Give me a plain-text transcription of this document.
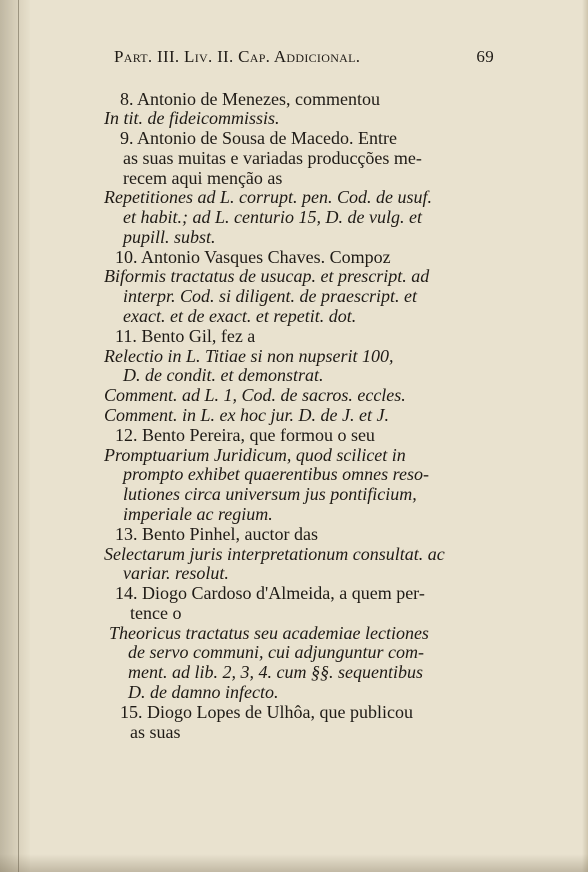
Part. III. Liv. II. Cap. Addicional.	69
8. Antonio de Menezes, commentou
In tit. de fideicommissis.
9. Antonio de Sousa de Macedo. Entre
as suas muitas e variadas producções me-
recem aqui menção as
Repetitiones ad L. corrupt. pen. Cod. de usuf.
et habit.; ad L. centurio 15, D. de vulg. et
pupill. subst.
10. Antonio Vasques Chaves. Compoz
Biformis tractatus de usucap. et prescript. ad
interpr. Cod. si diligent. de praescript. et
exact. et de exact. et repetit. dot.
11. Bento Gil, fez a
Relectio in L. Titiae si non nupserit 100,
D. de condit. et demonstrat.
Comment. ad L. 1, Cod. de sacros. eccles.
Comment. in L. ex hoc jur. D. de J. et J.
12. Bento Pereira, que formou o seu
Promptuarium Juridicum, quod scilicet in
prompto exhibet quaerentibus omnes reso-
lutiones circa universum jus pontificium,
imperiale ac regium.
13. Bento Pinhel, auctor das
Selectarum juris interpretationum consultat. ac
variar. resolut.
14. Diogo Cardoso d'Almeida, a quem per-
tence o
Theoricus tractatus seu academiae lectiones
de servo communi, cui adjunguntur com-
ment. ad lib. 2, 3, 4. cum §§. sequentibus
D. de damno infecto.
15. Diogo Lopes de Ulhôa, que publicou
as suas
